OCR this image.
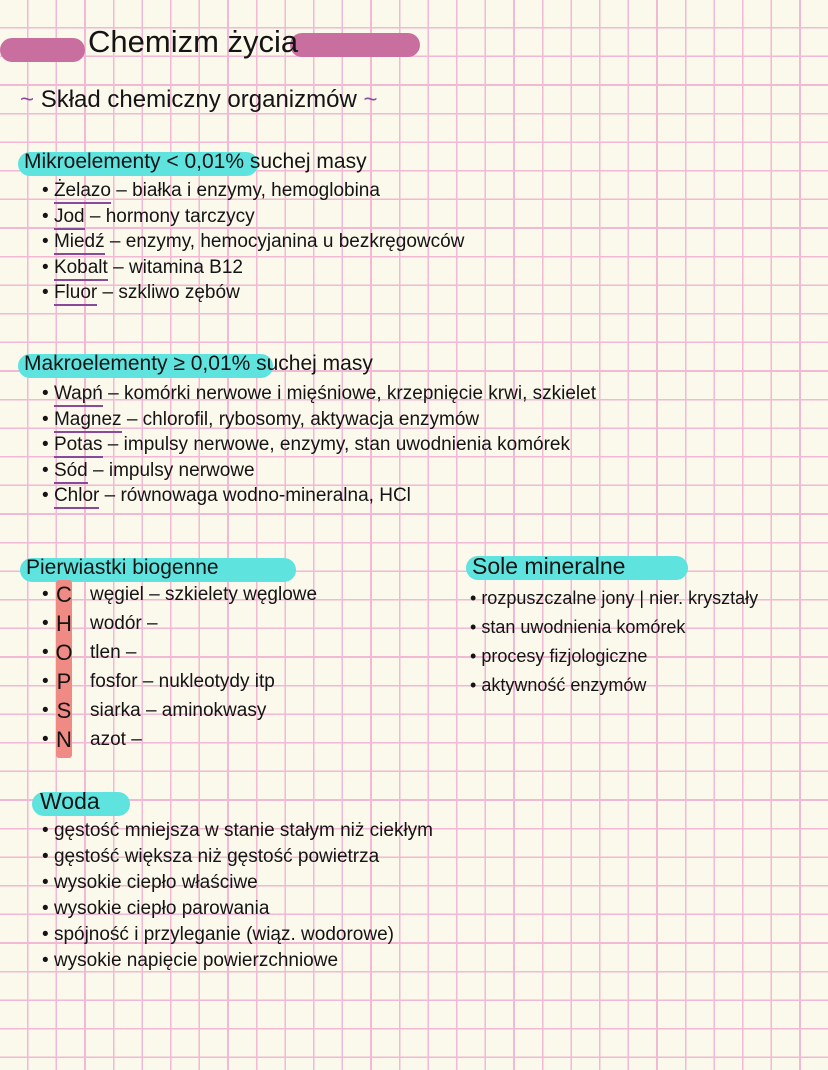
Chemizm życia
~ Skład chemiczny organizmów ~
Mikroelementy < 0,01% suchej masy
• Żelazo – białka i enzymy, hemoglobina
• Jod – hormony tarczycy
• Miedź – enzymy, hemocyjanina u bezkręgowców
• Kobalt – witamina B12
• Fluor – szkliwo zębów
Makroelementy ≥ 0,01% suchej masy
• Wapń – komórki nerwowe i mięśniowe, krzepnięcie krwi, szkielet
• Magnez – chlorofil, rybosomy, aktywacja enzymów
• Potas – impulsy nerwowe, enzymy, stan uwodnienia komórek
• Sód – impulsy nerwowe
• Chlor – równowaga wodno-mineralna, HCl
Pierwiastki biogenne
• C węgiel – szkielety węglowe
• H wodór –
• O tlen –
• P fosfor – nukleotydy itp
• S siarka – aminokwasy
• N azot –
Sole mineralne
• rozpuszczalne jony | nier. kryształy
• stan uwodnienia komórek
• procesy fizjologiczne
• aktywność enzymów
Woda
• gęstość mniejsza w stanie stałym niż ciekłym
• gęstość większa niż gęstość powietrza
• wysokie ciepło właściwe
• wysokie ciepło parowania
• spójność i przyleganie (wiąz. wodorowe)
• wysokie napięcie powierzchniowe
